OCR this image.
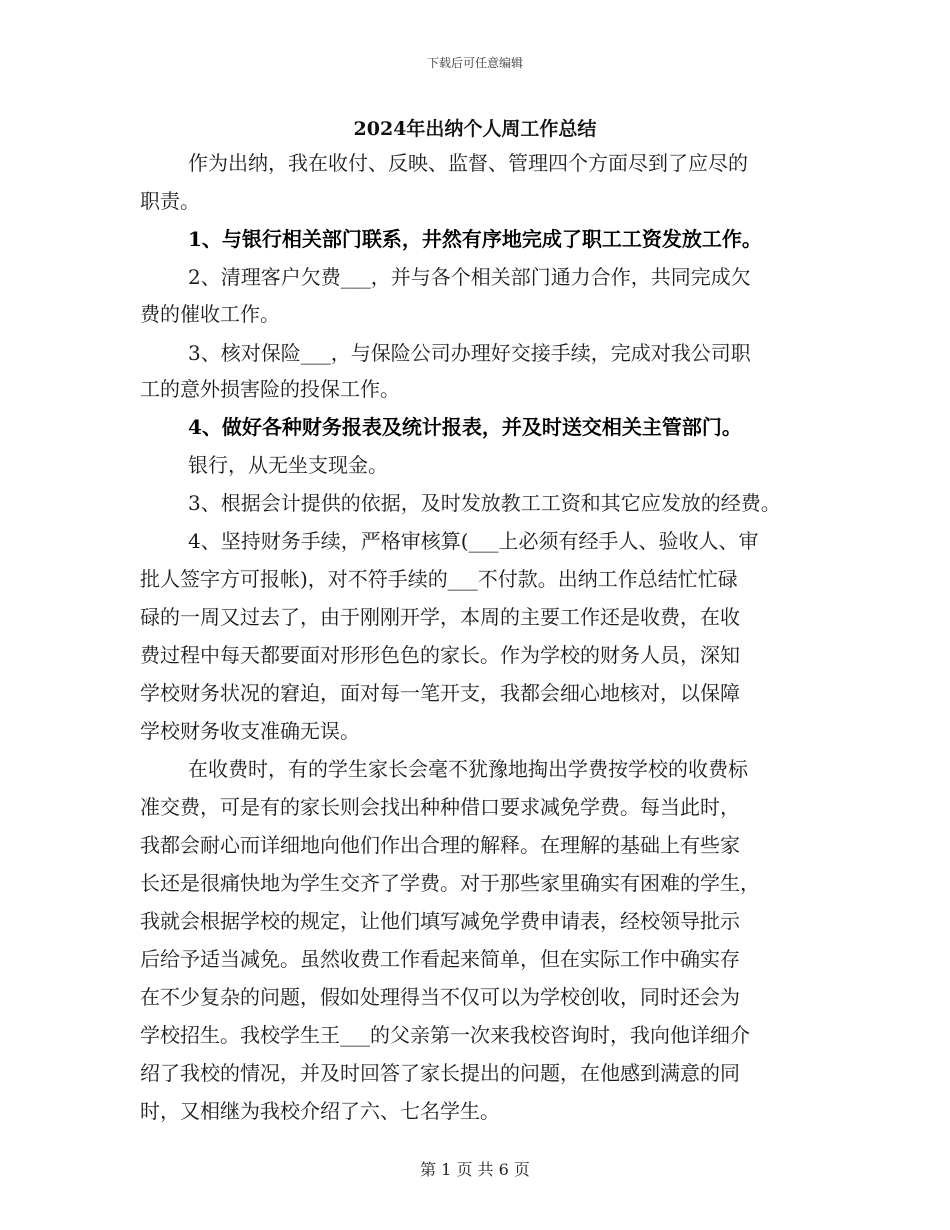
下载后可任意编辑
2024年出纳个人周工作总结
作为出纳，我在收付、反映、监督、管理四个方面尽到了应尽的
职责。
1、与银行相关部门联系，井然有序地完成了职工工资发放工作。
2、清理客户欠费___，并与各个相关部门通力合作，共同完成欠
费的催收工作。
3、核对保险___，与保险公司办理好交接手续，完成对我公司职
工的意外损害险的投保工作。
4、做好各种财务报表及统计报表，并及时送交相关主管部门。
银行，从无坐支现金。
3、根据会计提供的依据，及时发放教工工资和其它应发放的经费。
4、坚持财务手续，严格审核算(___上必须有经手人、验收人、审
批人签字方可报帐)，对不符手续的___不付款。出纳工作总结忙忙碌
碌的一周又过去了，由于刚刚开学，本周的主要工作还是收费，在收
费过程中每天都要面对形形色色的家长。作为学校的财务人员，深知
学校财务状况的窘迫，面对每一笔开支，我都会细心地核对，以保障
学校财务收支准确无误。
在收费时，有的学生家长会毫不犹豫地掏出学费按学校的收费标
准交费，可是有的家长则会找出种种借口要求减免学费。每当此时，
我都会耐心而详细地向他们作出合理的解释。在理解的基础上有些家
长还是很痛快地为学生交齐了学费。对于那些家里确实有困难的学生，
我就会根据学校的规定，让他们填写减免学费申请表，经校领导批示
后给予适当减免。虽然收费工作看起来简单，但在实际工作中确实存
在不少复杂的问题，假如处理得当不仅可以为学校创收，同时还会为
学校招生。我校学生王___的父亲第一次来我校咨询时，我向他详细介
绍了我校的情况，并及时回答了家长提出的问题，在他感到满意的同
时，又相继为我校介绍了六、七名学生。
第 1 页 共 6 页
